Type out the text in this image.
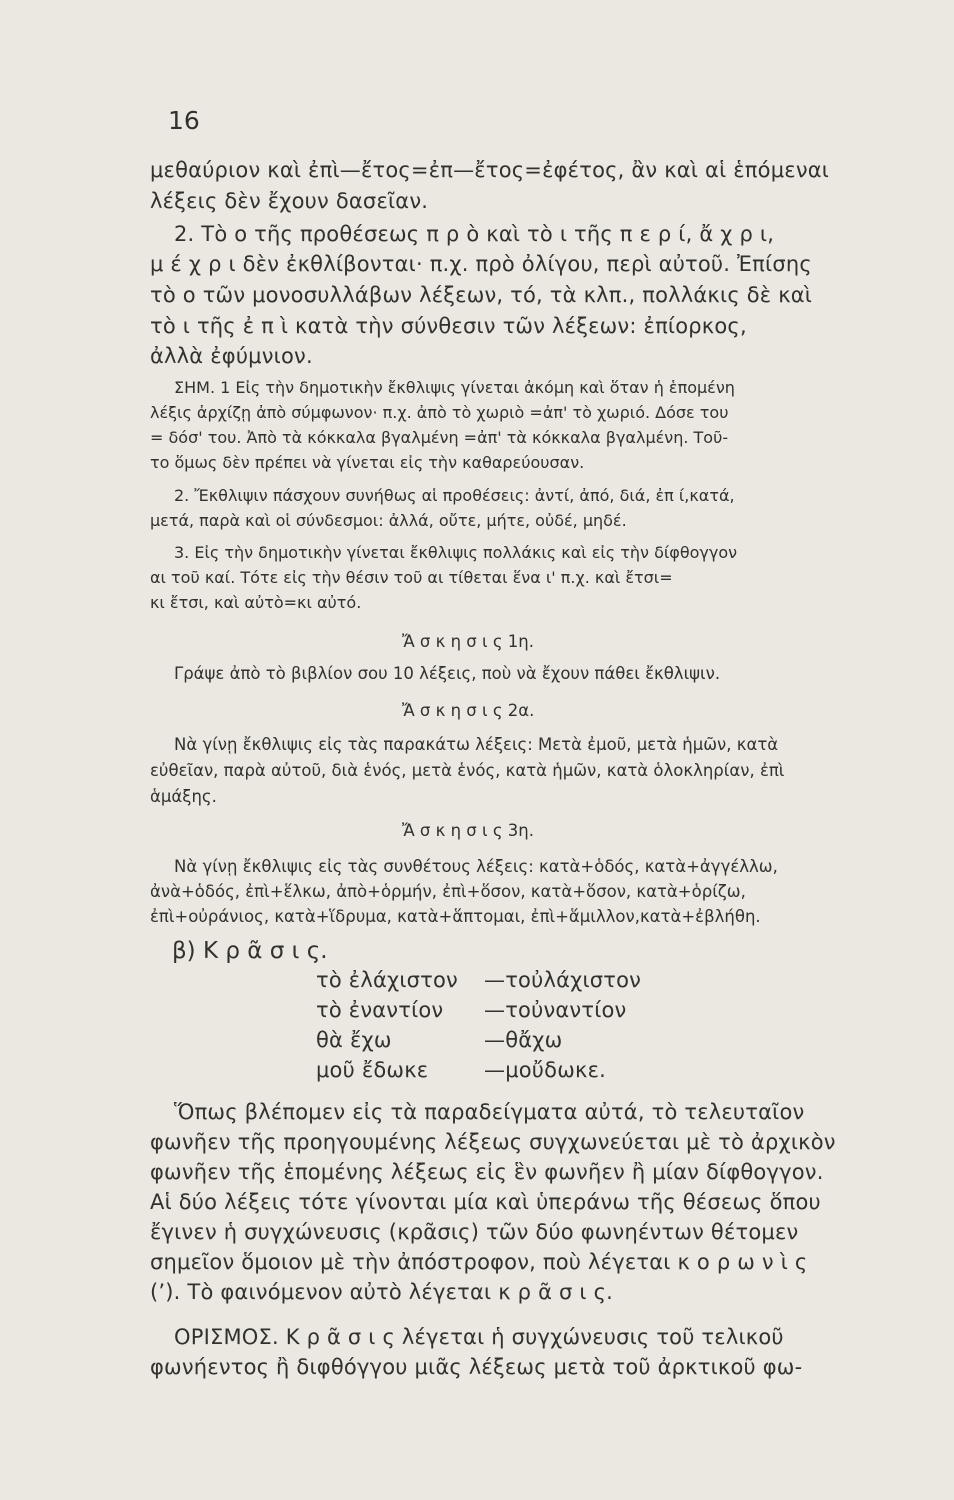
16
μεθαύριον καὶ ἐπὶ—ἔτος=ἐπ—ἔτος=ἐφέτος, ἂν καὶ αἱ ἑπόμεναι
λέξεις δὲν ἔχουν δασεῖαν.
2. Τὸ ο τῆς προθέσεως π ρ ὸ καὶ τὸ ι τῆς π ε ρ ί, ἄ χ ρ ι,
μ έ χ ρ ι δὲν ἐκθλίβονται· π.χ. πρὸ ὀλίγου, περὶ αὐτοῦ. Ἐπίσης
τὸ ο τῶν μονοσυλλάβων λέξεων, τό, τὰ κλπ., πολλάκις δὲ καὶ
τὸ ι τῆς ἐ π ὶ κατὰ τὴν σύνθεσιν τῶν λέξεων: ἐπίορκος,
ἀλλὰ ἐφύμνιον.
ΣΗΜ. 1 Εἰς τὴν δημοτικὴν ἔκθλιψις γίνεται ἀκόμη καὶ ὅταν ἡ ἑπομένη
λέξις ἀρχίζῃ ἀπὸ σύμφωνον· π.χ. ἀπὸ τὸ χωριὸ =ἀπ' τὸ χωριό. Δόσε του
= δόσ' του. Ἀπὸ τὰ κόκκαλα βγαλμένη =ἀπ' τὰ κόκκαλα βγαλμένη. Τοῦ-
το ὅμως δὲν πρέπει νὰ γίνεται εἰς τὴν καθαρεύουσαν.
2. Ἔκθλιψιν πάσχουν συνήθως αἱ προθέσεις: ἀντί, ἀπό, διά, ἐπ ί,κατά,
μετά, παρὰ καὶ οἱ σύνδεσμοι: ἀλλά, οὔτε, μήτε, οὐδέ, μηδέ.
3. Εἰς τὴν δημοτικὴν γίνεται ἔκθλιψις πολλάκις καὶ εἰς τὴν δίφθογγον
αι τοῦ καί. Τότε εἰς τὴν θέσιν τοῦ αι τίθεται ἕνα ι' π.χ. καὶ ἔτσι=
κι ἔτσι, καὶ αὐτὸ=κι αὐτό.
Ἄ σ κ η σ ι ς 1η.
Γράψε ἀπὸ τὸ βιβλίον σου 10 λέξεις, ποὺ νὰ ἔχουν πάθει ἔκθλιψιν.
Ἄ σ κ η σ ι ς 2α.
Νὰ γίνῃ ἔκθλιψις εἰς τὰς παρακάτω λέξεις: Μετὰ ἐμοῦ, μετὰ ἡμῶν, κατὰ
εὐθεῖαν, παρὰ αὐτοῦ, διὰ ἑνός, μετὰ ἑνός, κατὰ ἡμῶν, κατὰ ὁλοκληρίαν, ἐπὶ
ἁμάξης.
Ἄ σ κ η σ ι ς 3η.
Νὰ γίνῃ ἔκθλιψις εἰς τὰς συνθέτους λέξεις: κατὰ+ὁδός, κατὰ+ἀγγέλλω,
ἀνὰ+ὁδός, ἐπὶ+ἕλκω, ἀπὸ+ὁρμήν, ἐπὶ+ὅσον, κατὰ+ὅσον, κατὰ+ὁρίζω,
ἐπὶ+οὐράνιος, κατὰ+ἵδρυμα, κατὰ+ἅπτομαι, ἐπὶ+ἅμιλλον,κατὰ+ἐβλήθη.
β) Κ ρ ᾶ σ ι ς.
τὸ ἐλάχιστον —τοὐλάχιστον
τὸ ἐναντίον —τοὐναντίον
θὰ ἔχω	—θἄχω
μοῦ ἔδωκε	—μοὔδωκε.
Ὅπως βλέπομεν εἰς τὰ παραδείγματα αὐτά, τὸ τελευταῖον
φωνῆεν τῆς προηγουμένης λέξεως συγχωνεύεται μὲ τὸ ἀρχικὸν
φωνῆεν τῆς ἑπομένης λέξεως εἰς ἓν φωνῆεν ἢ μίαν δίφθογγον.
Αἱ δύο λέξεις τότε γίνονται μία καὶ ὑπεράνω τῆς θέσεως ὅπου
ἔγινεν ἡ συγχώνευσις (κρᾶσις) τῶν δύο φωνηέντων θέτομεν
σημεῖον ὅμοιον μὲ τὴν ἀπόστροφον, ποὺ λέγεται κ ο ρ ω ν ὶ ς
(’). Τὸ φαινόμενον αὐτὸ λέγεται κ ρ ᾶ σ ι ς.
ΟΡΙΣΜΟΣ. Κ ρ ᾶ σ ι ς λέγεται ἡ συγχώνευσις τοῦ τελικοῦ
φωνήεντος ἢ διφθόγγου μιᾶς λέξεως μετὰ τοῦ ἀρκτικοῦ φω-
